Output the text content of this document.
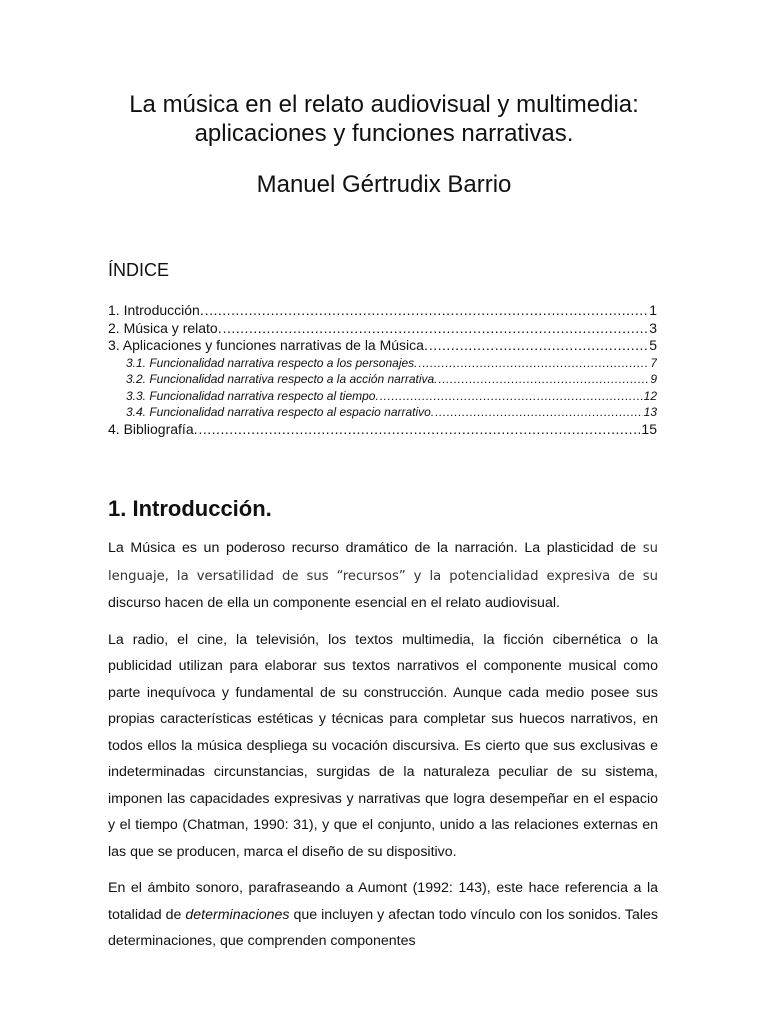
La música en el relato audiovisual y multimedia:
aplicaciones y funciones narrativas.
Manuel Gértrudix Barrio
ÍNDICE
1. Introducción. .....	1
2. Música y relato. .....	3
3. Aplicaciones y funciones narrativas de la Música. .....	5
3.1. Funcionalidad narrativa respecto a los personajes. .....	7
3.2. Funcionalidad narrativa respecto a la acción narrativa. .....	9
3.3. Funcionalidad narrativa respecto al tiempo. .....	12
3.4. Funcionalidad narrativa respecto al espacio narrativo. .....	13
4. Bibliografía. .....	15
1. Introducción.

La Música es un poderoso recurso dramático de la narración. La plasticidad de su lenguaje, la versatilidad de sus “recursos” y la potencialidad expresiva de su discurso hacen de ella un componente esencial en el relato audiovisual.

La radio, el cine, la televisión, los textos multimedia, la ficción cibernética o la publicidad utilizan para elaborar sus textos narrativos el componente musical como parte inequívoca y fundamental de su construcción. Aunque cada medio posee sus propias características estéticas y técnicas para completar sus huecos narrativos, en todos ellos la música despliega su vocación discursiva. Es cierto que sus exclusivas e indeterminadas circunstancias, surgidas de la naturaleza peculiar de su sistema, imponen las capacidades expresivas y narrativas que logra desempeñar en el espacio y el tiempo (Chatman, 1990: 31), y que el conjunto, unido a las relaciones externas en las que se producen, marca el diseño de su dispositivo.

En el ámbito sonoro, parafraseando a Aumont (1992: 143), este hace referencia a la totalidad de determinaciones que incluyen y afectan todo vínculo con los sonidos. Tales determinaciones, que comprenden componentes
